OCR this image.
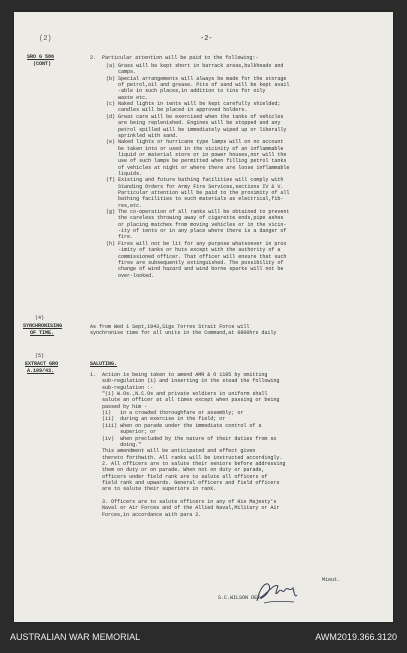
(2)	-2-
SRO G 586
(CONT)
2.  Particular attention will be paid to the following:-
(a) Grass will be kept short in barrack areas,bulkheads and
camps.
(b) Special arrangements will always be made for the storage
of petrol,oil and grease. Pits of sand will be kept avail
-able in such places,in addition to tins for oily
waste etc.
(c) Naked lights in tents will be kept carefully shielded;
candles will be placed in approved holders.
(d) Great care will be exercised when the tanks of vehicles
are being replenished. Engines will be stopped and any
petrol spilled will be immediately wiped up or liberally
sprinkled with sand.
(e) Naked lights or hurricane type lamps will on no account
be taken into or used in the vicinity of an inflammable
liquid or material store or in power houses,nor will the
use of such lamps be permitted when filling petrol tanks
of vehicles at night or where there are loose inflammable
liquids.
(f) Existing and future bathing facilities will comply with
Standing Orders for Army Fire Services,sections IV & V.
Particular attention will be paid to the proximity of all
bathing facilities to such materials as electrical,fib-
res,etc.
(g) The co-operation of all ranks will be obtained to prevent
the careless throwing away of cigarette ends,pipe ashes
or placing matches from moving vehicles or in the vicin-
-ity of tents or in any place where there is a danger of
fire.
(h) Fires will not be lit for any purpose whatsoever in prox
-imity of tanks or huts except with the authority of a
commissioned officer. That officer will ensure that such
fires are subsequently extinguished. The possibility of
change of wind hazard and wind borne sparks will not be
over-looked.
(4)
SYNCHRONISING
OF TIME.
As from Wed 1 Sept,1943,Sigs Torres Strait Force will
synchronise time for all units in the Command,at 0800hrs daily
(5)
EXTRACT GRO
A.109/43.
SALUTING.
1.  Action is being taken to amend AMR & O 1105 by omitting
sub-regulation (1) and inserting in the stead the following
sub-regulation :-
"(1) W.Os.,N.C.Os and private soldiers in uniform shall
salute an officer at all times except when passing or being
passed by him -
(i)   in a crowded thoroughfare or assembly; or
(ii)  during an exercise in the field; or
(iii) when on parade under the immediate control of a
superior; or
(iv)  when precluded by the nature of their duties from so
doing."
This amendment will be anticipated and effect given
thereto forthwith. All ranks will be instructed accordingly.
2. All officers are to salute their seniors before addressing
them on duty or on parade. When not on duty or parade,
officers under field rank are to salute all officers of
field rank and upwards. General officers and field officers
are to salute their superiors in rank.
3. Officers are to salute officers in any of His Majesty's
Naval or Air Forces and of the Allied Naval,Military or Air
Forces,in accordance with para 2.
Mieut.
S.C.WILSON DEY.
AUSTRALIAN WAR MEMORIAL	AWM2019.366.3120
